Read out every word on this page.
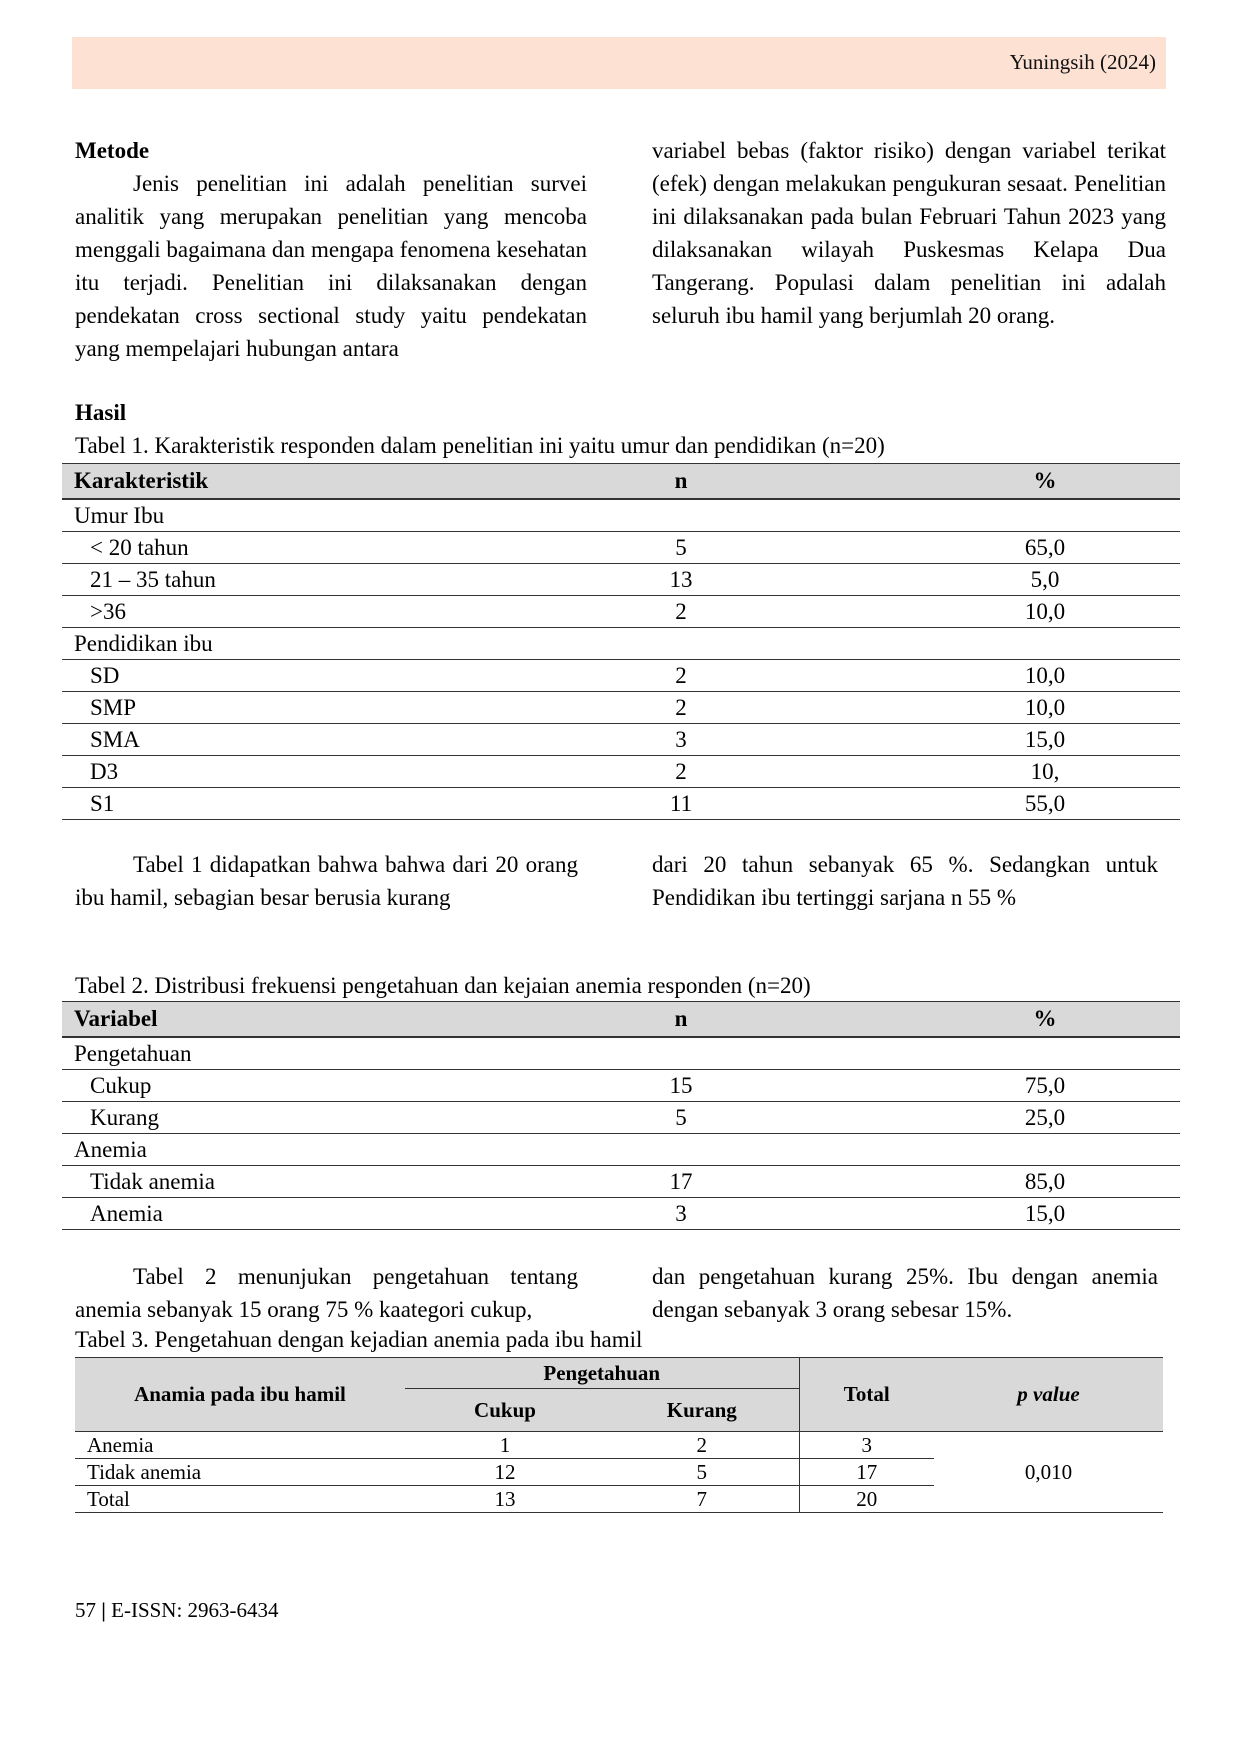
Yuningsih (2024)
Metode

Jenis penelitian ini adalah penelitian survei analitik yang merupakan penelitian yang mencoba menggali bagaimana dan mengapa fenomena kesehatan itu terjadi. Penelitian ini dilaksanakan dengan pendekatan cross sectional study yaitu pendekatan yang mempelajari hubungan antara

variabel bebas (faktor risiko) dengan variabel terikat (efek) dengan melakukan pengukuran sesaat. Penelitian ini dilaksanakan pada bulan Februari Tahun 2023 yang dilaksanakan wilayah Puskesmas Kelapa Dua Tangerang. Populasi dalam penelitian ini adalah seluruh ibu hamil yang berjumlah 20 orang.

Hasil
Tabel 1. Karakteristik responden dalam penelitian ini yaitu umur dan pendidikan (n=20)
Karakteristik	n	%
Umur Ibu		
< 20 tahun	5	65,0
21 – 35 tahun	13	5,0
>36	2	10,0
Pendidikan ibu		
SD	2	10,0
SMP	2	10,0
SMA	3	15,0
D3	2	10,
S1	11	55,0

Tabel 1 didapatkan bahwa bahwa dari 20 orang ibu hamil, sebagian besar berusia kurang

dari 20 tahun sebanyak 65 %. Sedangkan untuk Pendidikan ibu tertinggi sarjana n 55 %

Tabel 2. Distribusi frekuensi pengetahuan dan kejaian anemia responden (n=20)
Variabel	n	%
Pengetahuan		
Cukup	15	75,0
Kurang	5	25,0
Anemia		
Tidak anemia	17	85,0
Anemia	3	15,0

Tabel 2 menunjukan pengetahuan tentang anemia sebanyak 15 orang 75 % kaategori cukup,

dan pengetahuan kurang 25%. Ibu dengan anemia dengan sebanyak 3 orang sebesar 15%.

Tabel 3. Pengetahuan dengan kejadian anemia pada ibu hamil
Anamia pada ibu hamil	Pengetahuan		Total	p value
	Cukup	Kurang		
Anemia	1	2	3	0,010
Tidak anemia	12	5	17	
Total	13	7	20	
57 | E-ISSN: 2963-6434
